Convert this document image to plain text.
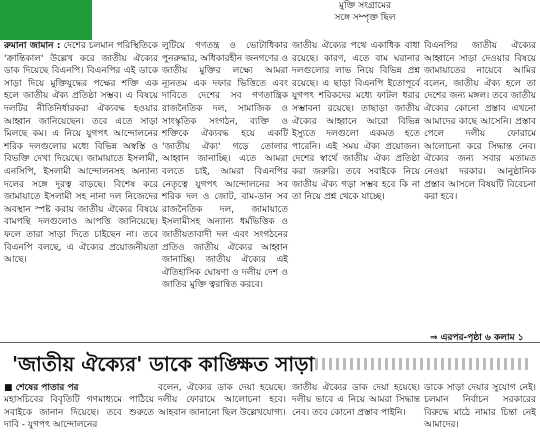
মুক্তি সংগ্রামের
সঙ্গে সম্পৃক্ত ছিল

রুমানা জামান : দেশের চলমান পরিস্থিতিকে 'ক্রান্তিকাল' উল্লেখ করে জাতীয় ঐক্যের ডাক দিয়েছে বিএনপি। বিএনপির এই ডাকে সাড়া দিয়ে মুক্তিযুদ্ধের পক্ষের শক্তি এক হলে জাতীয় ঐক্য প্রতিষ্ঠা সম্ভব। এ বিষয়ে দলটির নীতিনির্ধারকরা ঐক্যবদ্ধ হওয়ার আহ্বান জানিয়েছেন। তবে এতে সাড়া মিলছে কম। এ নিয়ে যুগপৎ আন্দোলনের শরিক দলগুলোর মধ্যে বিভিন্ন অস্বস্তি ও বিভক্তি দেখা দিয়েছে। জামায়াতে ইসলামী, এনসিপি, ইসলামী আন্দোলনসহ অন্যান্য দলের সঙ্গে দূরত্ব বাড়ছে। বিশেষ করে জামায়াতে ইসলামী সহ নানা দল নিজেদের অবস্থান স্পষ্ট করায় জাতীয় ঐক্যের বিষয়ে বামপন্থি দলগুলোও আপত্তি জানিয়েছে। ফলে তারা সাড়া দিতে চাইছেন না। তবে বিএনপি বলছে, এ ঐক্যের প্রয়োজনীয়তা আছে।

লুটিয়ে গণতন্ত্র ও ভোটাধিকার পুনরুদ্ধার, অধিকারহীন জনগণের ও জাতীয় মুক্তির লক্ষ্যে আমরা ন্যূনতম এক দফার ভিত্তিতে এবং দাবিতে দেশের সব গণতান্ত্রিক রাজনৈতিক দল, সামাজিক ও সাংস্কৃতিক সংগঠন, ব্যক্তি ও শক্তিকে ঐক্যবদ্ধ হয়ে একটি 'জাতীয় ঐক্য' গড়ে তোলার আহ্বান জানাচ্ছি। এতে আমরা বলতে চাই, আমরা বিএনপির নেতৃত্বে যুগপৎ আন্দোলনের সব শরিক দল ও জোট, বাম-ডান সব রাজনৈতিক দল, জামায়াতে ইসলামীসহ অন্যান্য ধর্মভিত্তিক ও জাতীয়তাবাদী দল এবং সংগঠনের প্রতিও জাতীয় ঐক্যের আহ্বান জানাচ্ছি। জাতীয় ঐক্যের এই ঐতিহাসিক ঘোষণা ও দলীয় দেশ ও জাতির মুক্তি ত্বরান্বিত করবে।

জাতীয় ঐক্যের পথে একাধিক বাধা রয়েছে। কারণ, এতে বাম ঘরানার দলগুলোর লাভ নিয়ে বিভিন্ন প্রশ্ন রয়েছে। এ ছাড়া বিএনপি ইতোপূর্বে যুগপৎ শরিকদের মধ্যে ফাটল ধরার সম্ভাবনা রয়েছে। তাছাড়া জাতীয় ঐক্যের আহ্বানে আরো বিভিন্ন ইস্যুতে দলগুলো একমত হতে পারেনি। এই সময় ঐক্য প্রয়োজন। দেশের স্বার্থে জাতীয় ঐক্য প্রতিষ্ঠা করা জরুরি। তবে সবাইকে নিয়ে জাতীয় ঐক্য গড়া সম্ভব হবে কি না তা নিয়ে প্রশ্ন থেকে যাচ্ছে।

বিএনপির জাতীয় ঐক্যের আহ্বানে সাড়া দেওয়ার বিষয়ে জামায়াতের নায়েবে আমির বলেন, জাতীয় ঐক্য হলে তা দেশের জন্য মঙ্গল। তবে জাতীয় ঐক্যের কোনো প্রস্তাব এখনো আমাদের কাছে আসেনি। প্রস্তাব পেলে দলীয় ফোরামে আলোচনা করে সিদ্ধান্ত নেব। ঐক্যের জন্য সবার মতামত নেওয়া দরকার। আনুষ্ঠানিক প্রস্তাব আসলে বিষয়টি বিবেচনা করা হবে।

⇒ এরপর-পৃষ্ঠা ৬ কলাম ১
'জাতীয় ঐক্যের' ডাকে কাঙ্ক্ষিত সাড়া
■ শেষের পাতার পর
মহাসচিবের বিবৃতিটি গণমাধ্যমে পাঠিয়ে সবাইকে জানান দিয়েছে। তবে শুরুতে দাবি - যুগপৎ আন্দোলনের
বলেন, ঐক্যের ডাক দেয়া হয়েছে। দলীয় ফোরামে আলোচনা হবে। আহবান জানানো ছিল উল্লেখযোগ্য।
জাতীয় ঐক্যের ডাক দেয়া হয়েছে। দলীয় ভাবে এ নিয়ে আমরা সিদ্ধান্ত নেব। তবে কোনো প্রস্তাব পাইনি।
ডাকে সাড়া দেয়ার সুযোগ নেই। চলমান নির্বাচন সরকারের বিরুদ্ধে মাঠে নামার চিন্তা নেই আমাদের।
